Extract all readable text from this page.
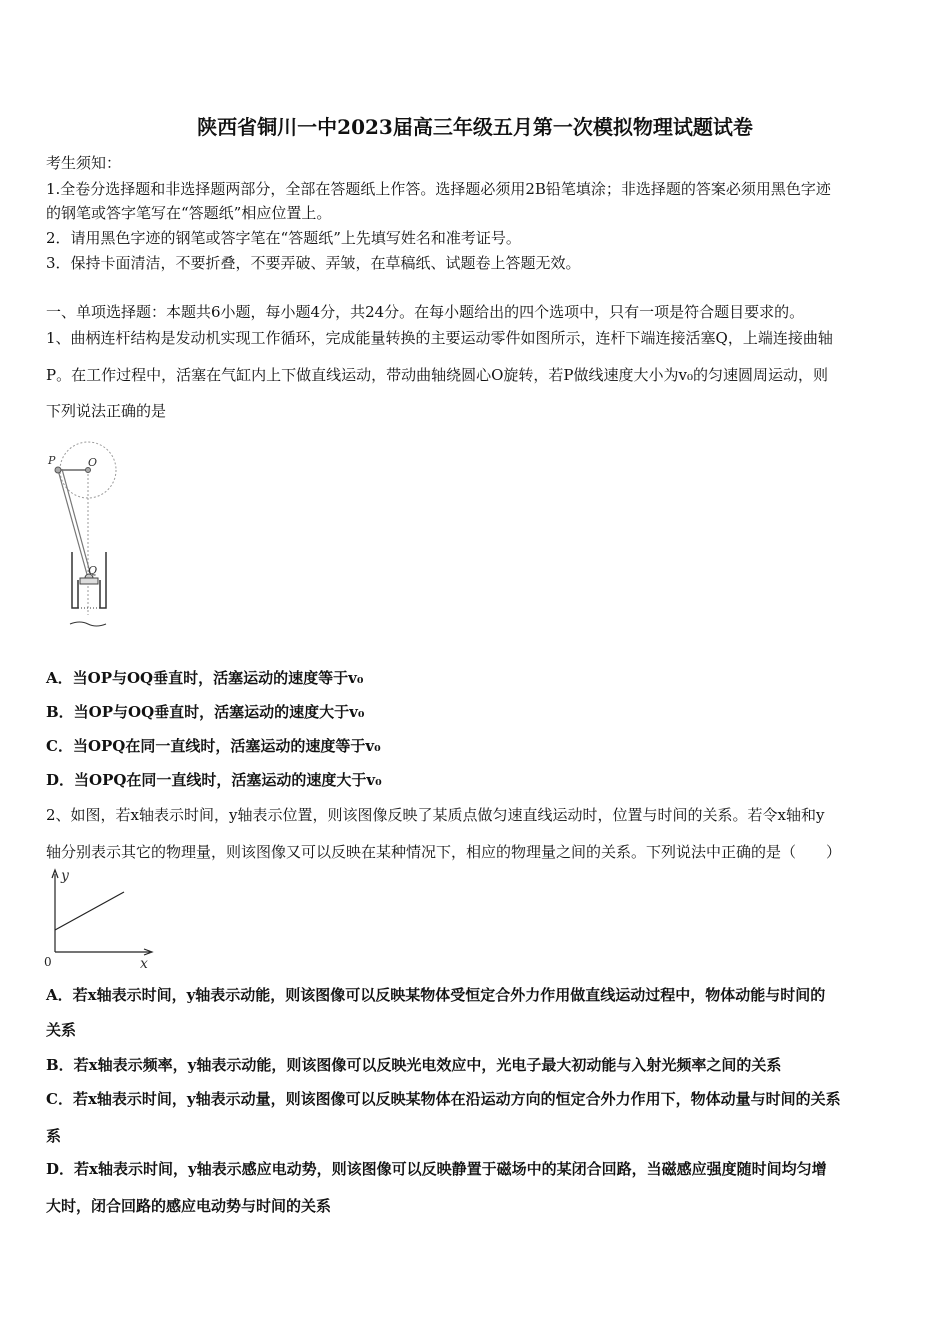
陕西省铜川一中2023届高三年级五月第一次模拟物理试题试卷
考生须知：
1.全卷分选择题和非选择题两部分，全部在答题纸上作答。选择题必须用2B铅笔填涂；非选择题的答案必须用黑色字迹
的钢笔或答字笔写在“答题纸”相应位置上。
2．请用黑色字迹的钢笔或答字笔在“答题纸”上先填写姓名和准考证号。
3．保持卡面清洁，不要折叠，不要弄破、弄皱，在草稿纸、试题卷上答题无效。
一、单项选择题：本题共6小题，每小题4分，共24分。在每小题给出的四个选项中，只有一项是符合题目要求的。
1、曲柄连杆结构是发动机实现工作循环，完成能量转换的主要运动零件如图所示，连杆下端连接活塞Q，上端连接曲轴
P。在工作过程中，活塞在气缸内上下做直线运动，带动曲轴绕圆心O旋转，若P做线速度大小为v₀的匀速圆周运动，则
下列说法正确的是
P	O
Q
A．当OP与OQ垂直时，活塞运动的速度等于v₀
B．当OP与OQ垂直时，活塞运动的速度大于v₀
C．当OPQ在同一直线时，活塞运动的速度等于v₀
D．当OPQ在同一直线时，活塞运动的速度大于v₀
2、如图，若x轴表示时间，y轴表示位置，则该图像反映了某质点做匀速直线运动时，位置与时间的关系。若令x轴和y
轴分别表示其它的物理量，则该图像又可以反映在某种情况下，相应的物理量之间的关系。下列说法中正确的是（　　）
y
x
0
A．若x轴表示时间，y轴表示动能，则该图像可以反映某物体受恒定合外力作用做直线运动过程中，物体动能与时间的
关系
B．若x轴表示频率，y轴表示动能，则该图像可以反映光电效应中，光电子最大初动能与入射光频率之间的关系
C．若x轴表示时间，y轴表示动量，则该图像可以反映某物体在沿运动方向的恒定合外力作用下，物体动量与时间的关系
系
D．若x轴表示时间，y轴表示感应电动势，则该图像可以反映静置于磁场中的某闭合回路，当磁感应强度随时间均匀增
大时，闭合回路的感应电动势与时间的关系
